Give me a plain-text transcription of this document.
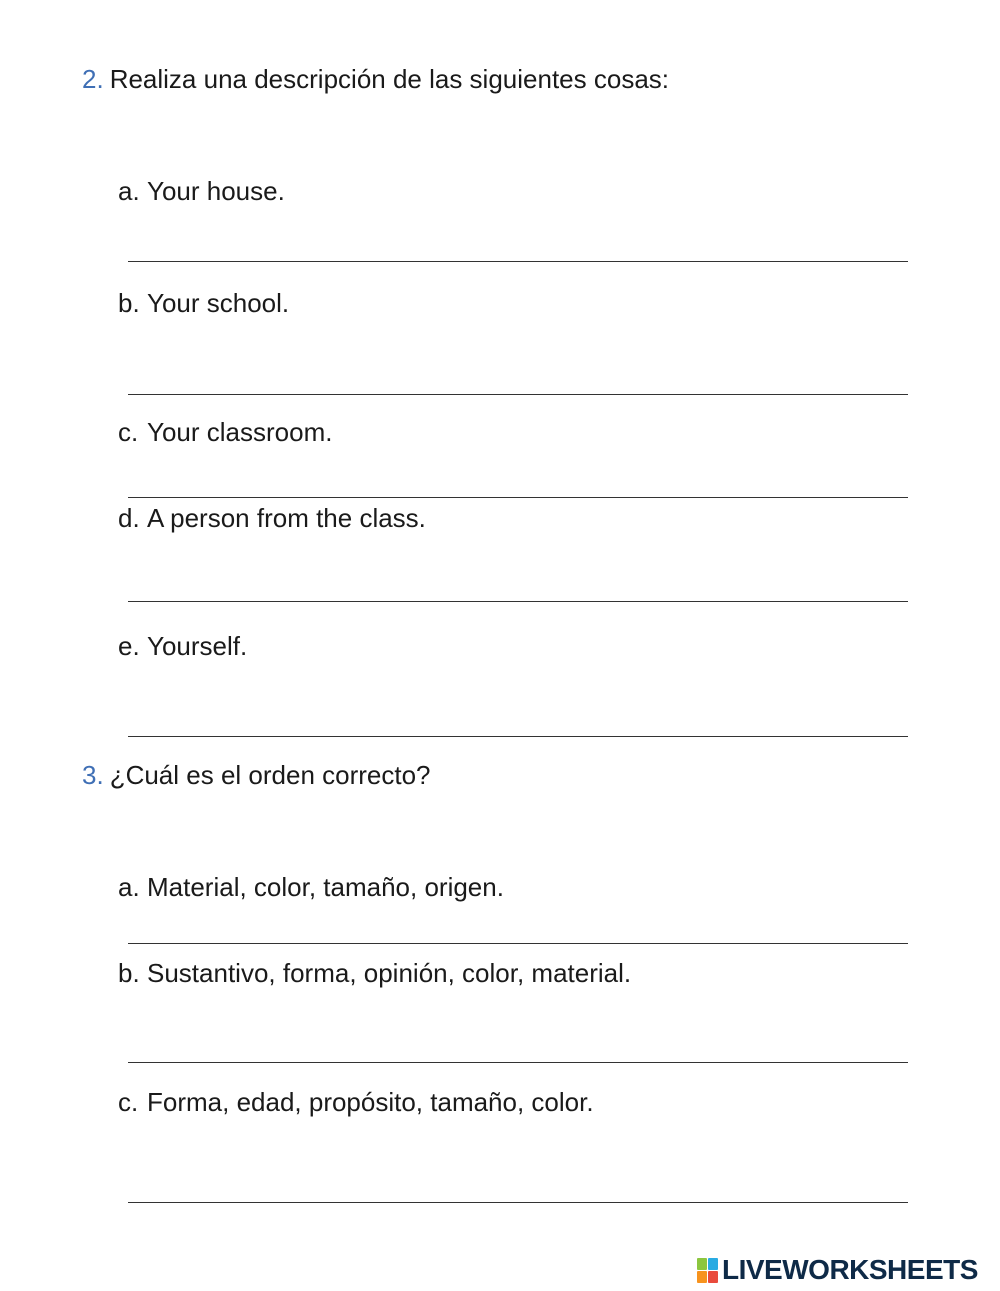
2. Realiza una descripción de las siguientes cosas:
a. Your house.
b. Your school.
c. Your classroom.
d. A person from the class.
e. Yourself.
3. ¿Cuál es el orden correcto?
a. Material, color, tamaño, origen.
b. Sustantivo, forma, opinión, color, material.
c. Forma, edad, propósito, tamaño, color.
LIVEWORKSHEETS
